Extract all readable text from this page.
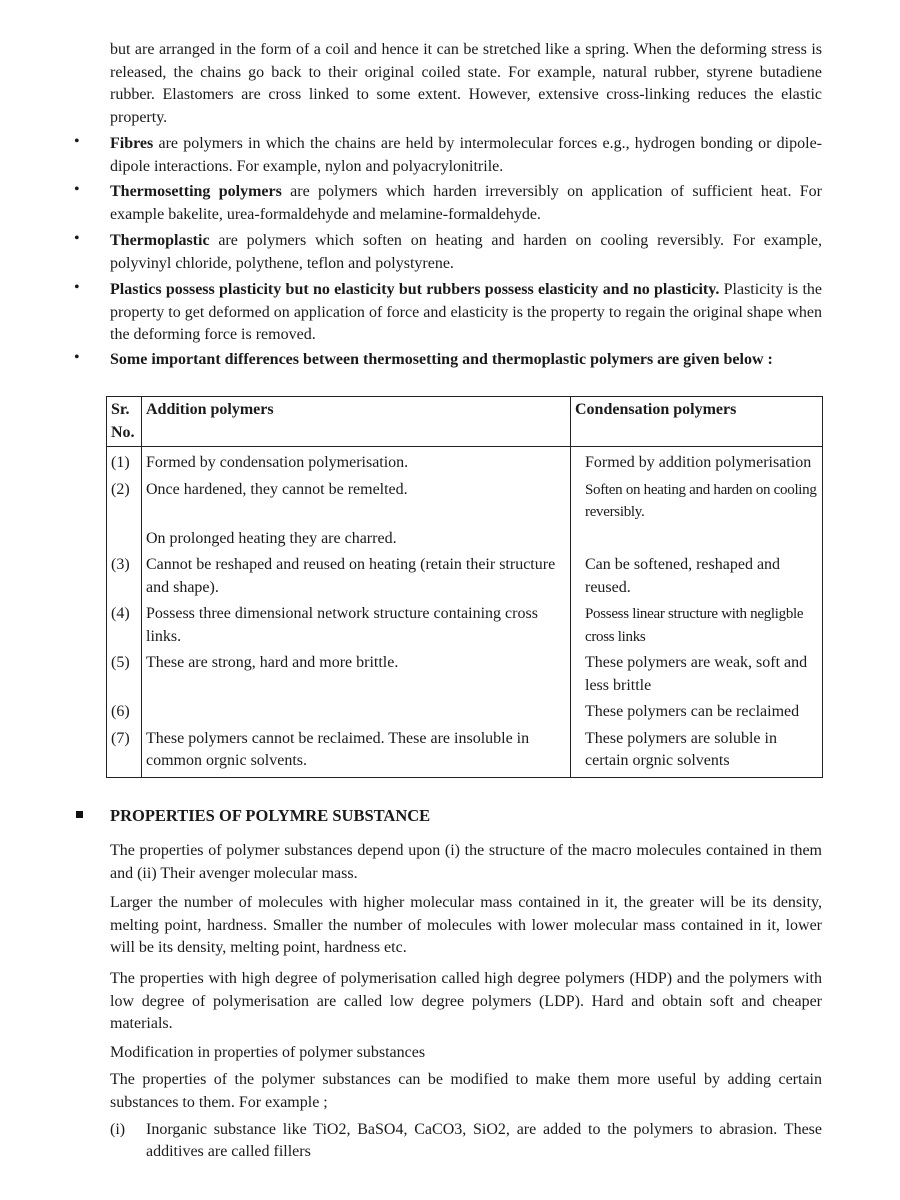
but are arranged in the form of a coil and hence it can be stretched like a spring. When the deforming stress is released, the chains go back to their original coiled state. For example, natural rubber, styrene butadiene rubber. Elastomers are cross linked to some extent. However, extensive cross-linking reduces the elastic property.
• Fibres are polymers in which the chains are held by intermolecular forces e.g., hydrogen bonding or dipole-dipole interactions. For example, nylon and polyacrylonitrile.
• Thermosetting polymers are polymers which harden irreversibly on application of sufficient heat. For example bakelite, urea-formaldehyde and melamine-formaldehyde.
• Thermoplastic are polymers which soften on heating and harden on cooling reversibly. For example, polyvinyl chloride, polythene, teflon and polystyrene.
• Plastics possess plasticity but no elasticity but rubbers possess elasticity and no plasticity. Plasticity is the property to get deformed on application of force and elasticity is the property to regain the original shape when the deforming force is removed.
• Some important differences between thermosetting and thermoplastic polymers are given below :
Sr. No.	Addition polymers	Condensation polymers
(1)	Formed by condensation polymerisation.	Formed by addition polymerisation
(2)	Once hardened, they cannot be remelted.	Soften on heating and harden on cooling reversibly.
	On prolonged heating they are charred.	
(3)	Cannot be reshaped and reused on heating (retain their structure and shape).	Can be softened, reshaped and reused.
(4)	Possess three dimensional network structure containing cross links.	Possess linear structure with negligble cross links
(5)	These are strong, hard and more brittle.	These polymers are weak, soft and less brittle
(6)		These polymers can be reclaimed
(7)	These polymers cannot be reclaimed. These are insoluble in common orgnic solvents.	These polymers are soluble in certain orgnic solvents
PROPERTIES OF POLYMRE SUBSTANCE
The properties of polymer substances depend upon (i) the structure of the macro molecules contained in them and (ii) Their avenger molecular mass.
Larger the number of molecules with higher molecular mass contained in it, the greater will be its density, melting point, hardness. Smaller the number of molecules with lower molecular mass contained in it, lower will be its density, melting point, hardness etc.
The properties with high degree of polymerisation called high degree polymers (HDP) and the polymers with low degree of polymerisation are called low degree polymers (LDP). Hard and obtain soft and cheaper materials.
Modification in properties of polymer substances
The properties of the polymer substances can be modified to make them more useful by adding certain substances to them. For example ;
(i) Inorganic substance like TiO2, BaSO4, CaCO3, SiO2, are added to the polymers to abrasion. These additives are called fillers
